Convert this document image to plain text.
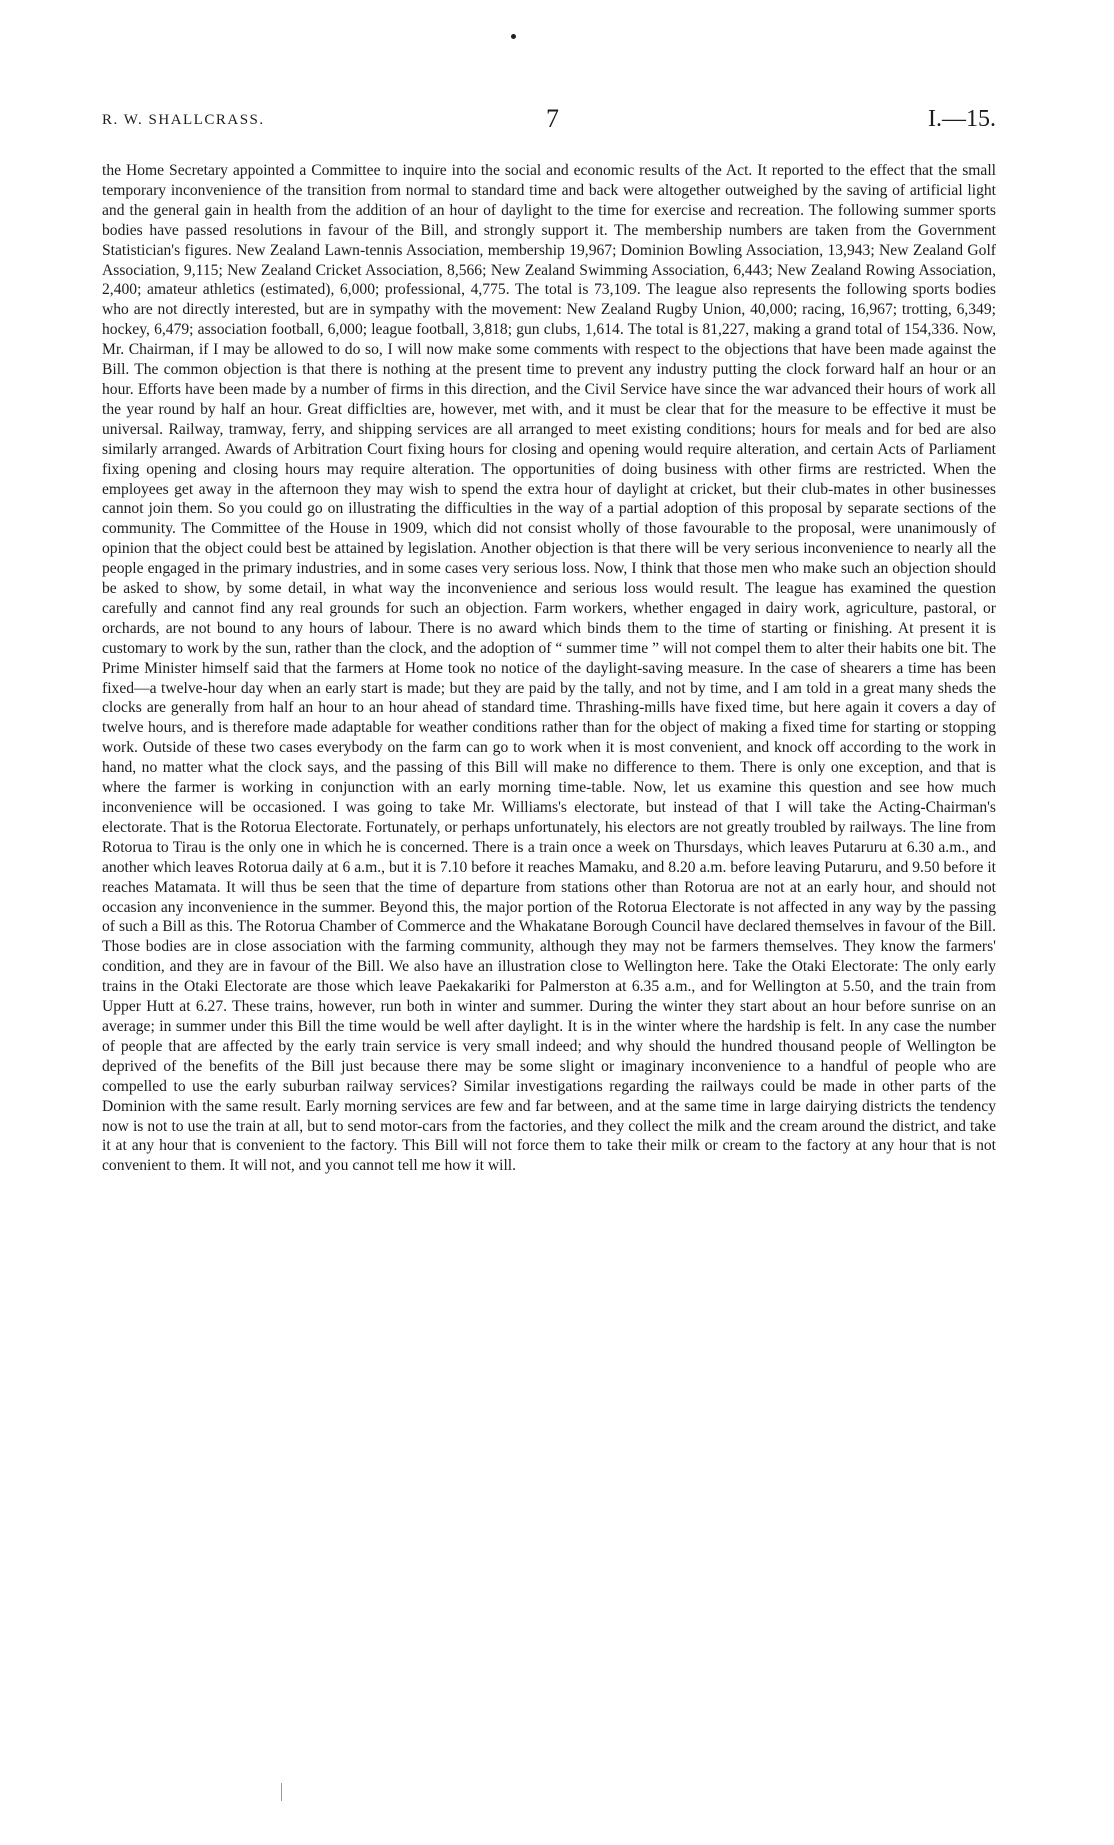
R. W. SHALLCRASS.	7	I.—15.

the Home Secretary appointed a Committee to inquire into the social and economic results of the Act. It reported to the effect that the small temporary inconvenience of the transition from normal to standard time and back were altogether outweighed by the saving of artificial light and the general gain in health from the addition of an hour of daylight to the time for exercise and recreation. The following summer sports bodies have passed resolutions in favour of the Bill, and strongly support it. The membership numbers are taken from the Government Statistician's figures. New Zealand Lawn-tennis Association, membership 19,967; Dominion Bowling Association, 13,943; New Zealand Golf Association, 9,115; New Zealand Cricket Association, 8,566; New Zealand Swimming Association, 6,443; New Zealand Rowing Association, 2,400; amateur athletics (estimated), 6,000; professional, 4,775. The total is 73,109. The league also represents the following sports bodies who are not directly interested, but are in sympathy with the movement: New Zealand Rugby Union, 40,000; racing, 16,967; trotting, 6,349; hockey, 6,479; association football, 6,000; league football, 3,818; gun clubs, 1,614. The total is 81,227, making a grand total of 154,336. Now, Mr. Chairman, if I may be allowed to do so, I will now make some comments with respect to the objections that have been made against the Bill. The common objection is that there is nothing at the present time to prevent any industry putting the clock forward half an hour or an hour. Efforts have been made by a number of firms in this direction, and the Civil Service have since the war advanced their hours of work all the year round by half an hour. Great difficlties are, however, met with, and it must be clear that for the measure to be effective it must be universal. Railway, tramway, ferry, and shipping services are all arranged to meet existing conditions; hours for meals and for bed are also similarly arranged. Awards of Arbitration Court fixing hours for closing and opening would require alteration, and certain Acts of Parliament fixing opening and closing hours may require alteration. The opportunities of doing business with other firms are restricted. When the employees get away in the afternoon they may wish to spend the extra hour of daylight at cricket, but their club-mates in other businesses cannot join them. So you could go on illustrating the difficulties in the way of a partial adoption of this proposal by separate sections of the community. The Committee of the House in 1909, which did not consist wholly of those favourable to the proposal, were unanimously of opinion that the object could best be attained by legislation. Another objection is that there will be very serious inconvenience to nearly all the people engaged in the primary industries, and in some cases very serious loss. Now, I think that those men who make such an objection should be asked to show, by some detail, in what way the inconvenience and serious loss would result. The league has examined the question carefully and cannot find any real grounds for such an objection. Farm workers, whether engaged in dairy work, agriculture, pastoral, or orchards, are not bound to any hours of labour. There is no award which binds them to the time of starting or finishing. At present it is customary to work by the sun, rather than the clock, and the adoption of “ summer time ” will not compel them to alter their habits one bit. The Prime Minister himself said that the farmers at Home took no notice of the daylight-saving measure. In the case of shearers a time has been fixed—a twelve-hour day when an early start is made; but they are paid by the tally, and not by time, and I am told in a great many sheds the clocks are generally from half an hour to an hour ahead of standard time. Thrashing-mills have fixed time, but here again it covers a day of twelve hours, and is therefore made adaptable for weather conditions rather than for the object of making a fixed time for starting or stopping work. Outside of these two cases everybody on the farm can go to work when it is most convenient, and knock off according to the work in hand, no matter what the clock says, and the passing of this Bill will make no difference to them. There is only one exception, and that is where the farmer is working in conjunction with an early morning time-table. Now, let us examine this question and see how much inconvenience will be occasioned. I was going to take Mr. Williams's electorate, but instead of that I will take the Acting-Chairman's electorate. That is the Rotorua Electorate. Fortunately, or perhaps unfortunately, his electors are not greatly troubled by railways. The line from Rotorua to Tirau is the only one in which he is concerned. There is a train once a week on Thursdays, which leaves Putaruru at 6.30 a.m., and another which leaves Rotorua daily at 6 a.m., but it is 7.10 before it reaches Mamaku, and 8.20 a.m. before leaving Putaruru, and 9.50 before it reaches Matamata. It will thus be seen that the time of departure from stations other than Rotorua are not at an early hour, and should not occasion any inconvenience in the summer. Beyond this, the major portion of the Rotorua Electorate is not affected in any way by the passing of such a Bill as this. The Rotorua Chamber of Commerce and the Whakatane Borough Council have declared themselves in favour of the Bill. Those bodies are in close association with the farming community, although they may not be farmers themselves. They know the farmers' condition, and they are in favour of the Bill. We also have an illustration close to Wellington here. Take the Otaki Electorate: The only early trains in the Otaki Electorate are those which leave Paekakariki for Palmerston at 6.35 a.m., and for Wellington at 5.50, and the train from Upper Hutt at 6.27. These trains, however, run both in winter and summer. During the winter they start about an hour before sunrise on an average; in summer under this Bill the time would be well after daylight. It is in the winter where the hardship is felt. In any case the number of people that are affected by the early train service is very small indeed; and why should the hundred thousand people of Wellington be deprived of the benefits of the Bill just because there may be some slight or imaginary inconvenience to a handful of people who are compelled to use the early suburban railway services? Similar investigations regarding the railways could be made in other parts of the Dominion with the same result. Early morning services are few and far between, and at the same time in large dairying districts the tendency now is not to use the train at all, but to send motor-cars from the factories, and they collect the milk and the cream around the district, and take it at any hour that is convenient to the factory. This Bill will not force them to take their milk or cream to the factory at any hour that is not convenient to them. It will not, and you cannot tell me how it will.
